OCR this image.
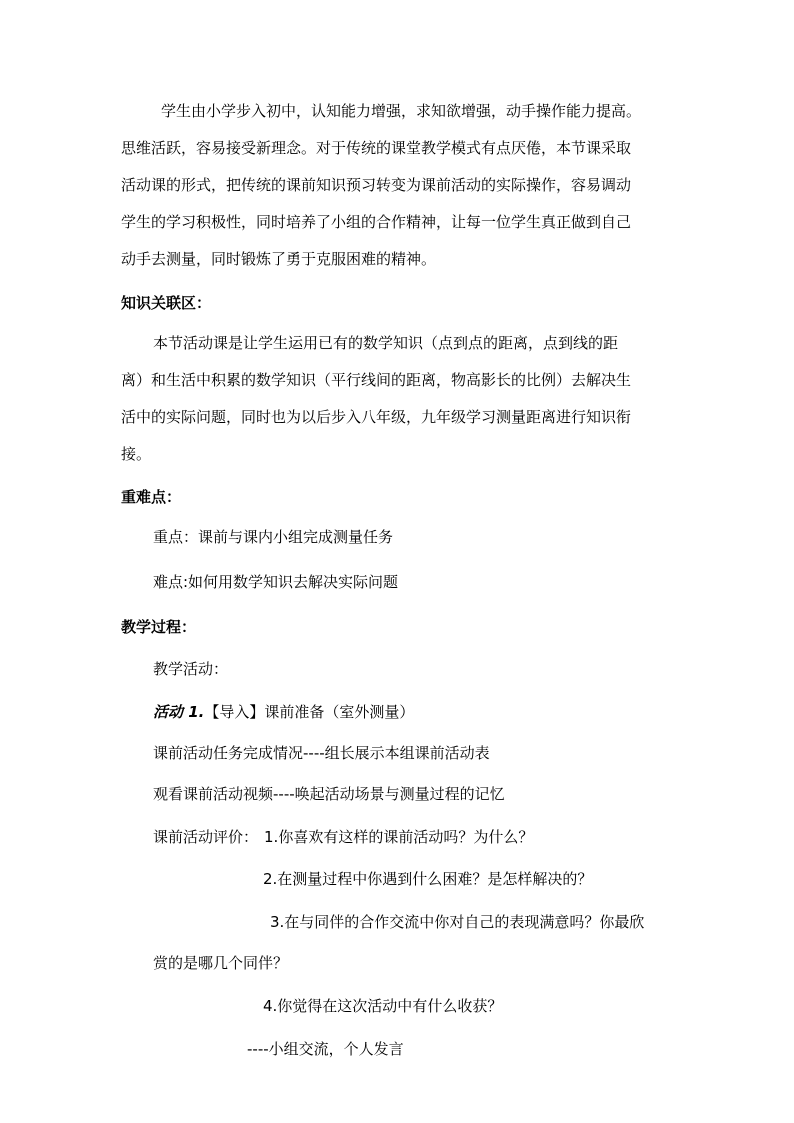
学生由小学步入初中，认知能力增强，求知欲增强，动手操作能力提高。
思维活跃，容易接受新理念。对于传统的课堂教学模式有点厌倦，本节课采取
活动课的形式，把传统的课前知识预习转变为课前活动的实际操作，容易调动
学生的学习积极性，同时培养了小组的合作精神，让每一位学生真正做到自己
动手去测量，同时锻炼了勇于克服困难的精神。
知识关联区：
本节活动课是让学生运用已有的数学知识（点到点的距离，点到线的距
离）和生活中积累的数学知识（平行线间的距离，物高影长的比例）去解决生
活中的实际问题，同时也为以后步入八年级，九年级学习测量距离进行知识衔
接。
重难点：
重点：课前与课内小组完成测量任务
难点:如何用数学知识去解决实际问题
教学过程：
教学活动：
活动 1.【导入】课前准备（室外测量）
课前活动任务完成情况----组长展示本组课前活动表
观看课前活动视频----唤起活动场景与测量过程的记忆
课前活动评价： 1.你喜欢有这样的课前活动吗？为什么？
2.在测量过程中你遇到什么困难？是怎样解决的？
3.在与同伴的合作交流中你对自己的表现满意吗？你最欣
赏的是哪几个同伴？
4.你觉得在这次活动中有什么收获？
----小组交流，个人发言
